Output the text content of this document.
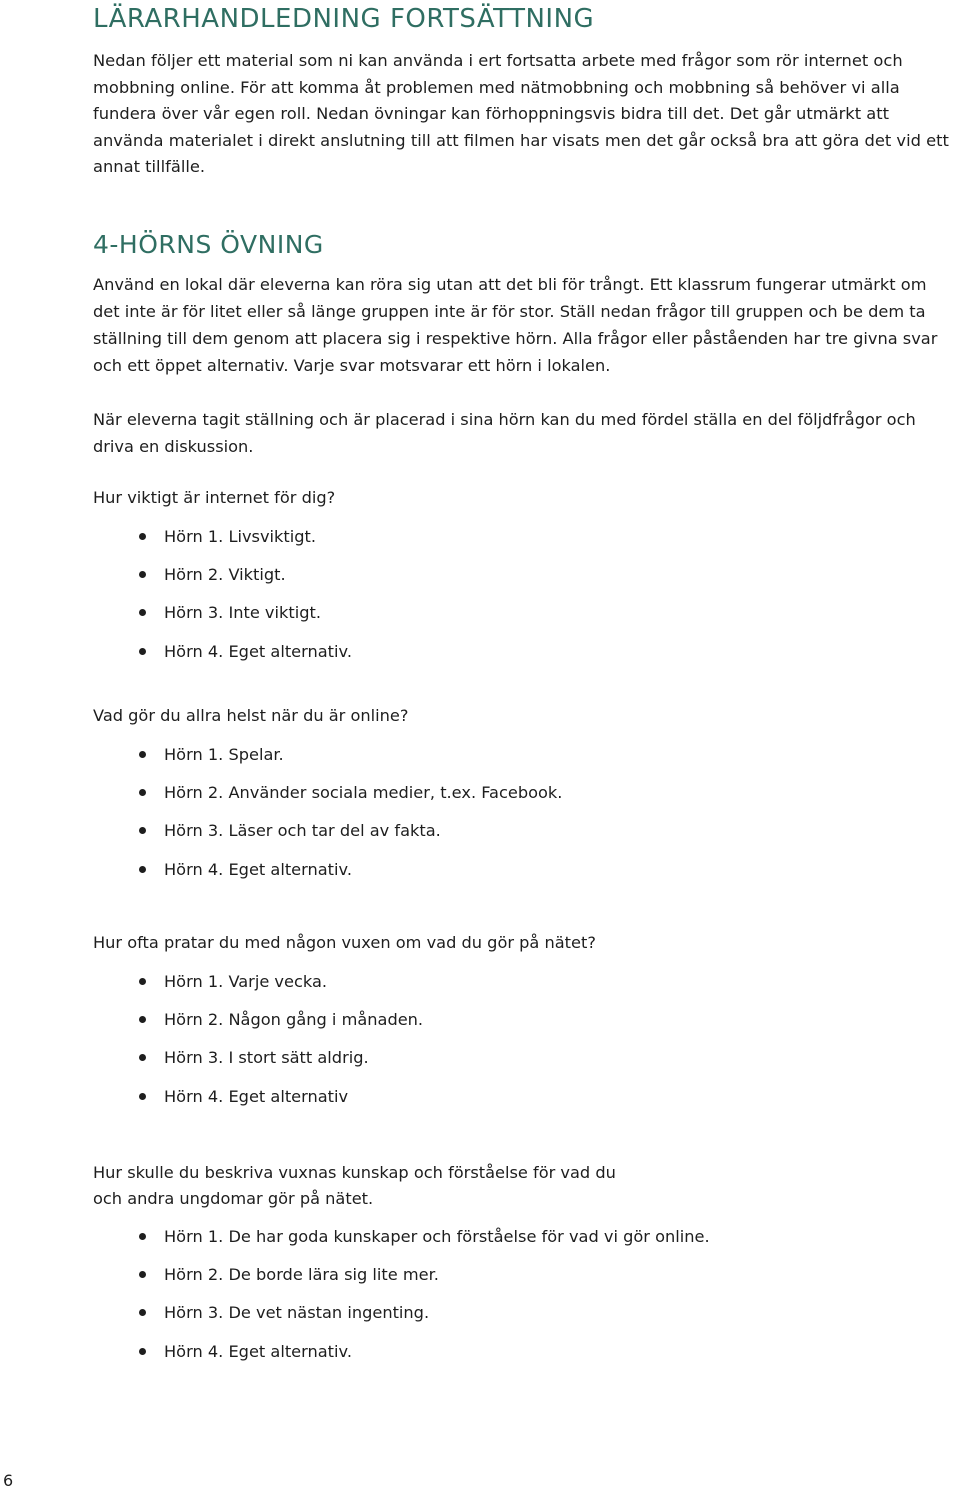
LÄRARHANDLEDNING FORTSÄTTNING

Nedan följer ett material som ni kan använda i ert fortsatta arbete med frågor som rör internet och mobbning online. För att komma åt problemen med nätmobbning och mobbning så behöver vi alla fundera över vår egen roll. Nedan övningar kan förhoppningsvis bidra till det. Det går utmärkt att använda materialet i direkt anslutning till att filmen har visats men det går också bra att göra det vid ett annat tillfälle.

4-HÖRNS ÖVNING

Använd en lokal där eleverna kan röra sig utan att det bli för trångt. Ett klassrum fungerar utmärkt om det inte är för litet eller så länge gruppen inte är för stor. Ställ nedan frågor till gruppen och be dem ta ställning till dem genom att placera sig i respektive hörn. Alla frågor eller påståenden har tre givna svar och ett öppet alternativ. Varje svar motsvarar ett hörn i lokalen.

När eleverna tagit ställning och är placerad i sina hörn kan du med fördel ställa en del följdfrågor och driva en diskussion.

Hur viktigt är internet för dig?

Hörn 1. Livsviktigt.
Hörn 2. Viktigt.
Hörn 3. Inte viktigt.
Hörn 4. Eget alternativ.

Vad gör du allra helst när du är online?

Hörn 1. Spelar.
Hörn 2. Använder sociala medier, t.ex. Facebook.
Hörn 3. Läser och tar del av fakta.
Hörn 4. Eget alternativ.

Hur ofta pratar du med någon vuxen om vad du gör på nätet?

Hörn 1. Varje vecka.
Hörn 2. Någon gång i månaden.
Hörn 3. I stort sätt aldrig.
Hörn 4. Eget alternativ

Hur skulle du beskriva vuxnas kunskap och förståelse för vad du
och andra ungdomar gör på nätet.

Hörn 1. De har goda kunskaper och förståelse för vad vi gör online.
Hörn 2. De borde lära sig lite mer.
Hörn 3. De vet nästan ingenting.
Hörn 4. Eget alternativ.
6
